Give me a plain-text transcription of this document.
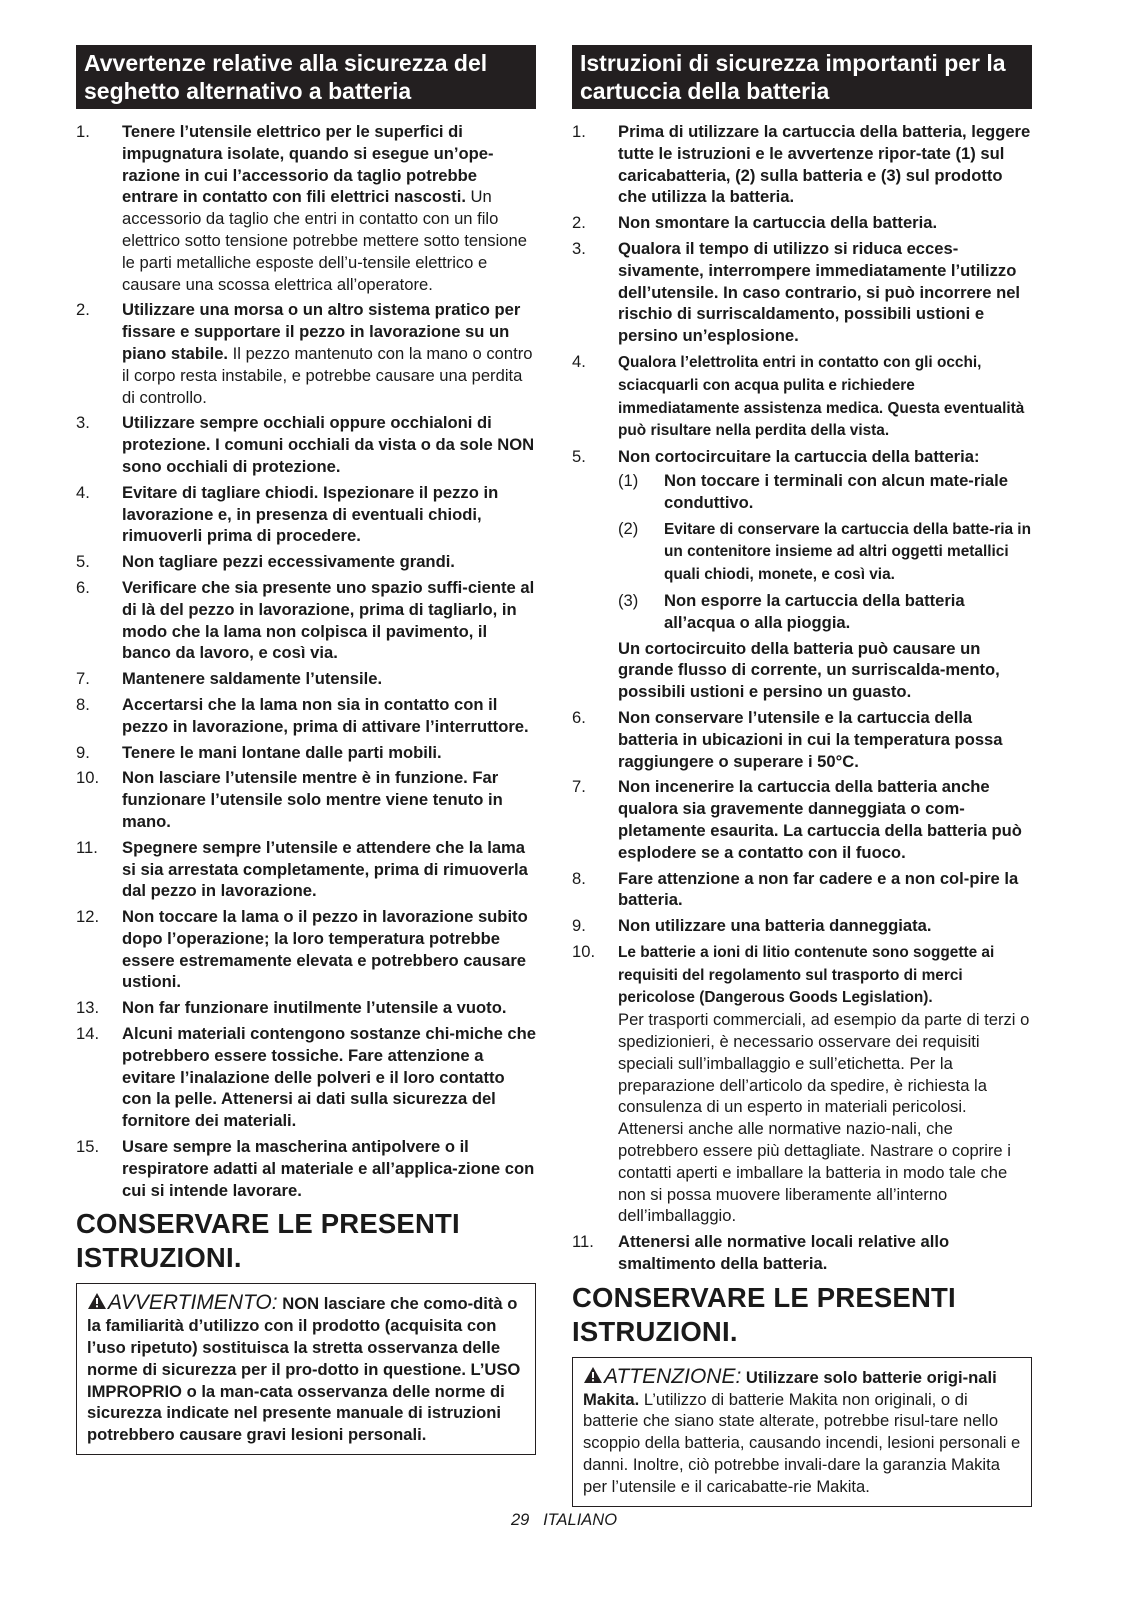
Avvertenze relative alla sicurezza del seghetto alternativo a batteria
1. Tenere l’utensile elettrico per le superfici di impugnatura isolate, quando si esegue un’ope-razione in cui l’accessorio da taglio potrebbe entrare in contatto con fili elettrici nascosti. Un accessorio da taglio che entri in contatto con un filo elettrico sotto tensione potrebbe mettere sotto tensione le parti metalliche esposte dell’u-tensile elettrico e causare una scossa elettrica all’operatore.
2. Utilizzare una morsa o un altro sistema pratico per fissare e supportare il pezzo in lavorazione su un piano stabile. Il pezzo mantenuto con la mano o contro il corpo resta instabile, e potrebbe causare una perdita di controllo.
3. Utilizzare sempre occhiali oppure occhialoni di protezione. I comuni occhiali da vista o da sole NON sono occhiali di protezione.
4. Evitare di tagliare chiodi. Ispezionare il pezzo in lavorazione e, in presenza di eventuali chiodi, rimuoverli prima di procedere.
5. Non tagliare pezzi eccessivamente grandi.
6. Verificare che sia presente uno spazio suffi-ciente al di là del pezzo in lavorazione, prima di tagliarlo, in modo che la lama non colpisca il pavimento, il banco da lavoro, e così via.
7. Mantenere saldamente l’utensile.
8. Accertarsi che la lama non sia in contatto con il pezzo in lavorazione, prima di attivare l’interruttore.
9. Tenere le mani lontane dalle parti mobili.
10. Non lasciare l’utensile mentre è in funzione. Far funzionare l’utensile solo mentre viene tenuto in mano.
11. Spegnere sempre l’utensile e attendere che la lama si sia arrestata completamente, prima di rimuoverla dal pezzo in lavorazione.
12. Non toccare la lama o il pezzo in lavorazione subito dopo l’operazione; la loro temperatura potrebbe essere estremamente elevata e potrebbero causare ustioni.
13. Non far funzionare inutilmente l’utensile a vuoto.
14. Alcuni materiali contengono sostanze chi-miche che potrebbero essere tossiche. Fare attenzione a evitare l’inalazione delle polveri e il loro contatto con la pelle. Attenersi ai dati sulla sicurezza del fornitore dei materiali.
15. Usare sempre la mascherina antipolvere o il respiratore adatti al materiale e all’applica-zione con cui si intende lavorare.
CONSERVARE LE PRESENTI ISTRUZIONI.
AVVERTIMENTO: NON lasciare che como-dità o la familiarità d’utilizzo con il prodotto (acquisita con l’uso ripetuto) sostituisca la stretta osservanza delle norme di sicurezza per il pro-dotto in questione. L’USO IMPROPRIO o la man-cata osservanza delle norme di sicurezza indicate nel presente manuale di istruzioni potrebbero causare gravi lesioni personali.
Istruzioni di sicurezza importanti per la cartuccia della batteria
1. Prima di utilizzare la cartuccia della batteria, leggere tutte le istruzioni e le avvertenze ripor-tate (1) sul caricabatteria, (2) sulla batteria e (3) sul prodotto che utilizza la batteria.
2. Non smontare la cartuccia della batteria.
3. Qualora il tempo di utilizzo si riduca ecces-sivamente, interrompere immediatamente l’utilizzo dell’utensile. In caso contrario, si può incorrere nel rischio di surriscaldamento, possibili ustioni e persino un’esplosione.
4. Qualora l’elettrolita entri in contatto con gli occhi, sciacquarli con acqua pulita e richiedere immediatamente assistenza medica. Questa eventualità può risultare nella perdita della vista.
5. Non cortocircuitare la cartuccia della batteria:
(1) Non toccare i terminali con alcun mate-riale conduttivo.
(2) Evitare di conservare la cartuccia della batte-ria in un contenitore insieme ad altri oggetti metallici quali chiodi, monete, e così via.
(3) Non esporre la cartuccia della batteria all’acqua o alla pioggia.
Un cortocircuito della batteria può causare un grande flusso di corrente, un surriscalda-mento, possibili ustioni e persino un guasto.
6. Non conservare l’utensile e la cartuccia della batteria in ubicazioni in cui la temperatura possa raggiungere o superare i 50°C.
7. Non incenerire la cartuccia della batteria anche qualora sia gravemente danneggiata o com-pletamente esaurita. La cartuccia della batteria può esplodere se a contatto con il fuoco.
8. Fare attenzione a non far cadere e a non col-pire la batteria.
9. Non utilizzare una batteria danneggiata.
10. Le batterie a ioni di litio contenute sono soggette ai requisiti del regolamento sul trasporto di merci pericolose (Dangerous Goods Legislation).
Per trasporti commerciali, ad esempio da parte di terzi o spedizionieri, è necessario osservare dei requisiti speciali sull’imballaggio e sull’etichetta. Per la preparazione dell’articolo da spedire, è richiesta la consulenza di un esperto in materiali pericolosi. Attenersi anche alle normative nazio-nali, che potrebbero essere più dettagliate. Nastrare o coprire i contatti aperti e imballare la batteria in modo tale che non si possa muovere liberamente all’interno dell’imballaggio.
11. Attenersi alle normative locali relative allo smaltimento della batteria.
CONSERVARE LE PRESENTI ISTRUZIONI.
ATTENZIONE: Utilizzare solo batterie origi-nali Makita. L’utilizzo di batterie Makita non originali, o di batterie che siano state alterate, potrebbe risul-tare nello scoppio della batteria, causando incendi, lesioni personali e danni. Inoltre, ciò potrebbe invali-dare la garanzia Makita per l’utensile e il caricabatte-rie Makita.
29 ITALIANO
